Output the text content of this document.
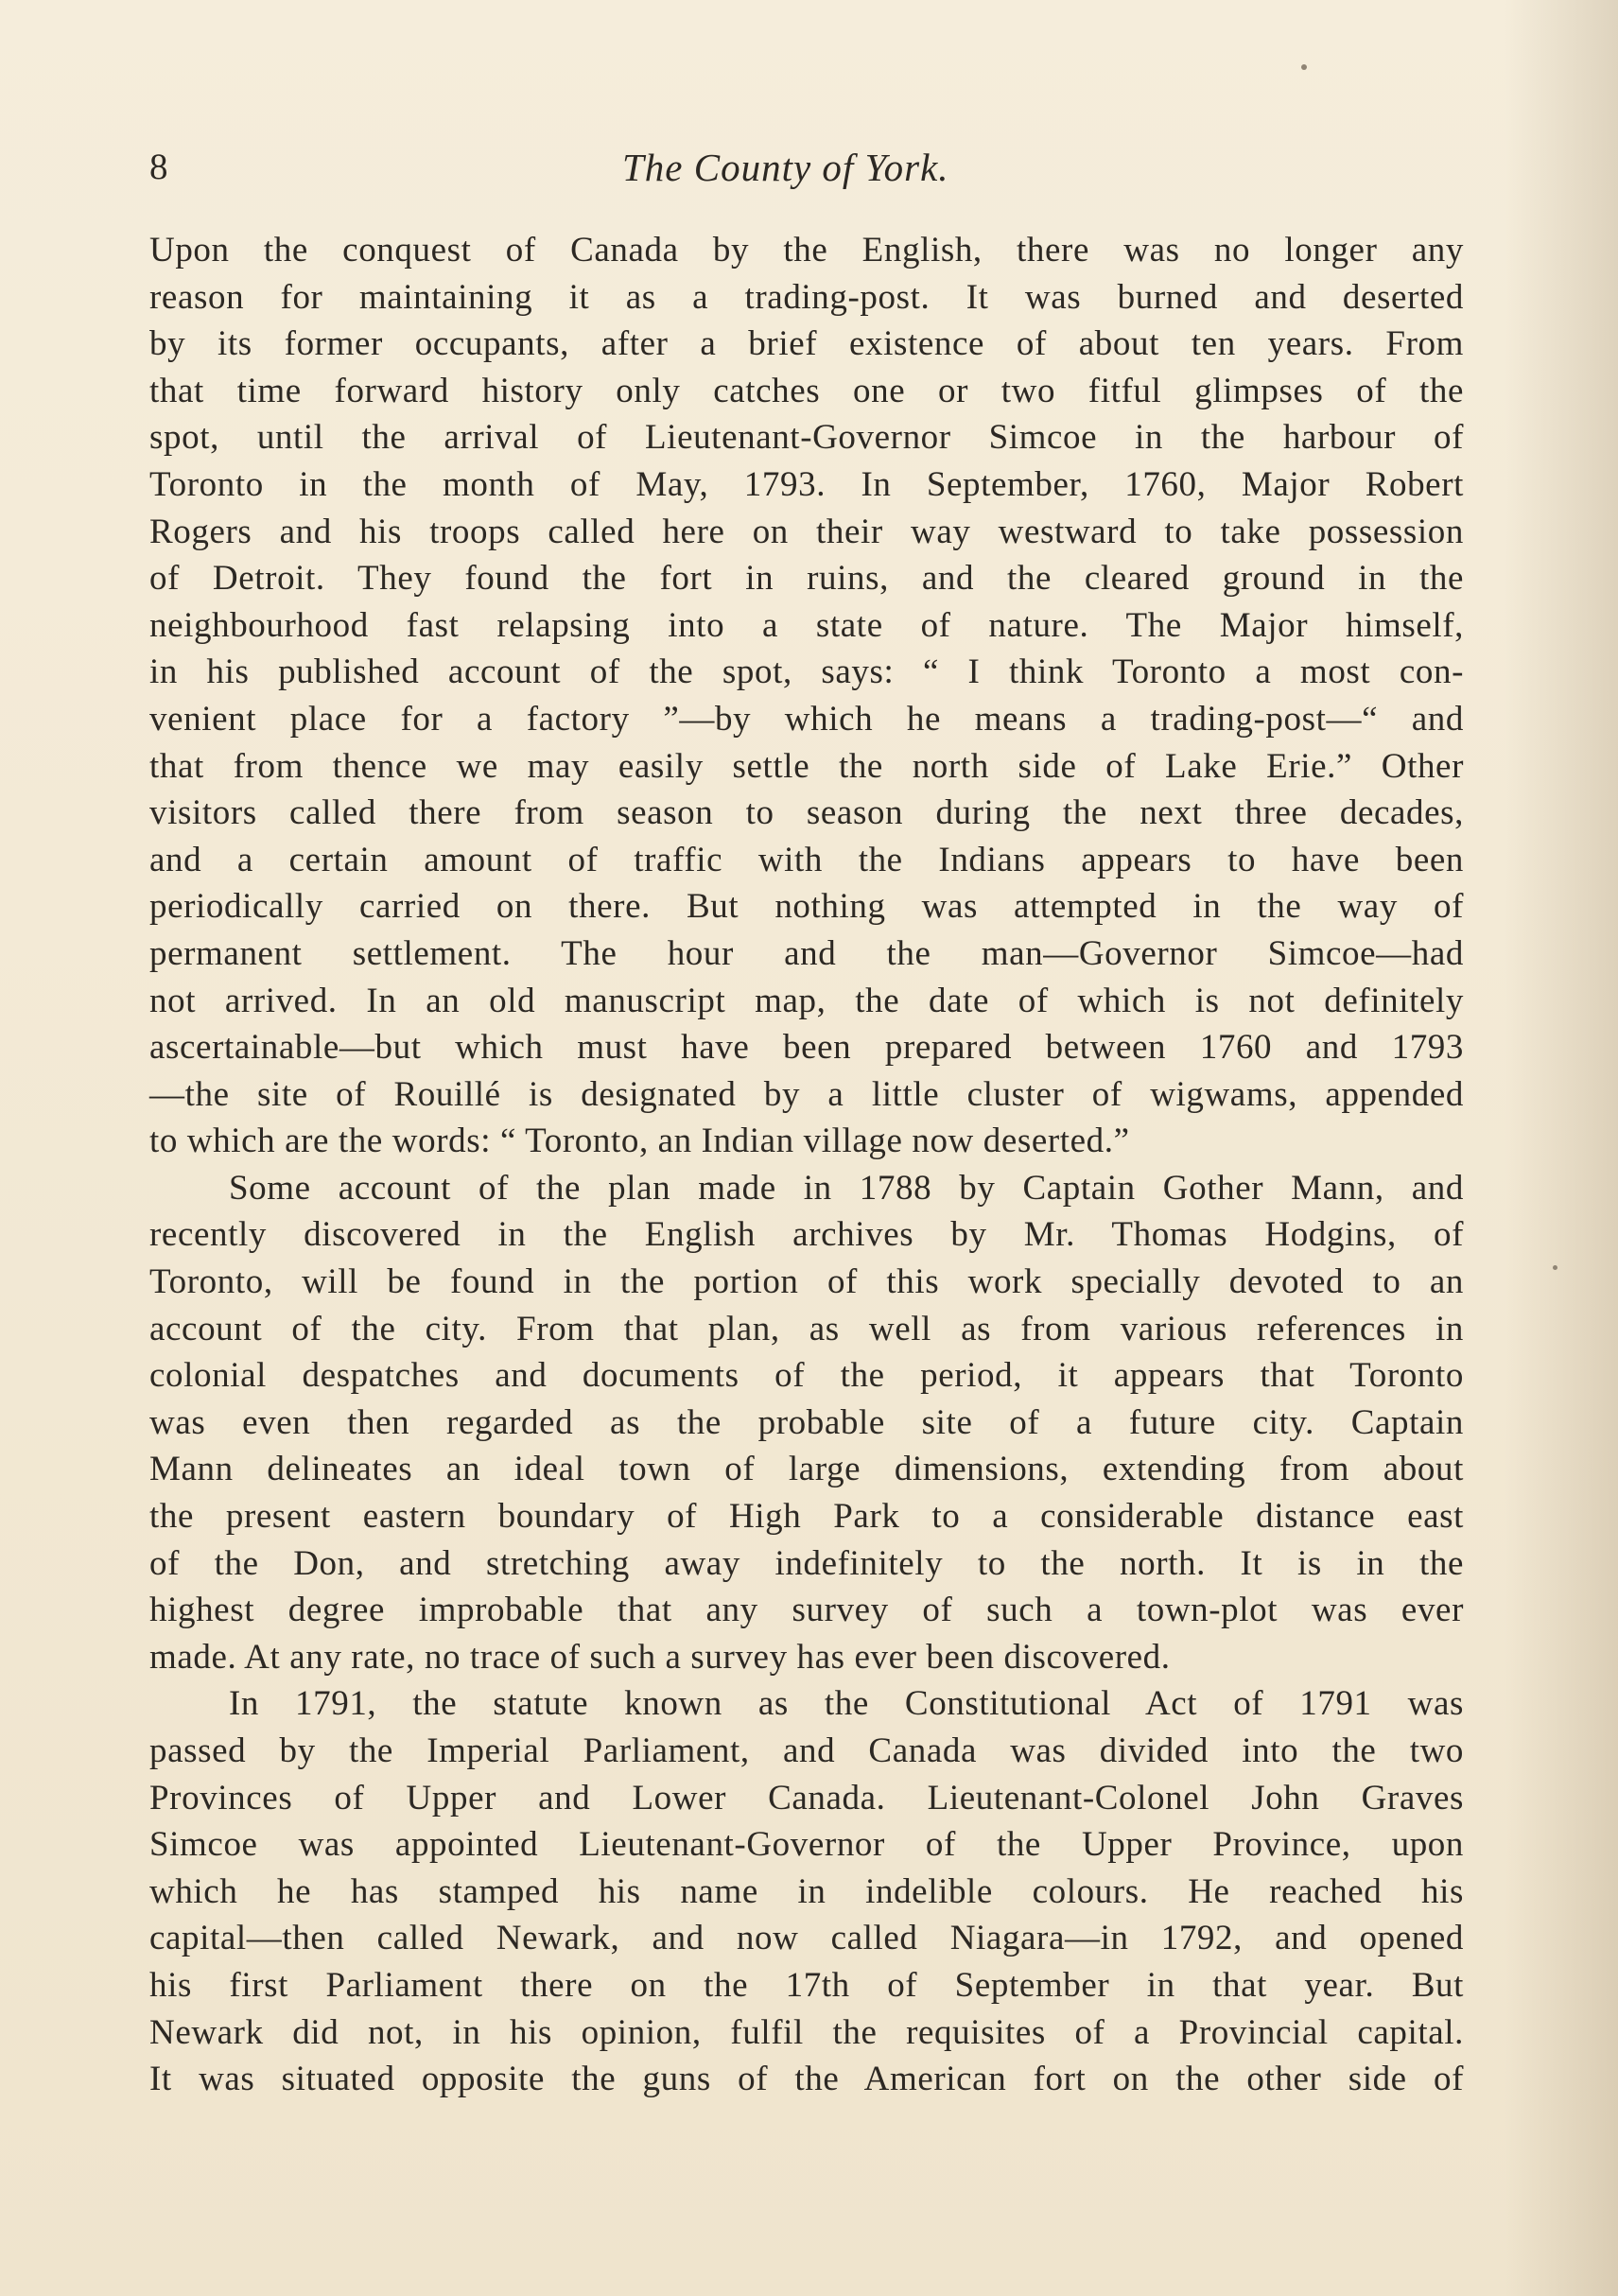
8	The County of York.
Upon the conquest of Canada by the English, there was no longer any
reason for maintaining it as a trading-post. It was burned and deserted
by its former occupants, after a brief existence of about ten years. From
that time forward history only catches one or two fitful glimpses of the
spot, until the arrival of Lieutenant-Governor Simcoe in the harbour of
Toronto in the month of May, 1793. In September, 1760, Major Robert
Rogers and his troops called here on their way westward to take possession
of Detroit. They found the fort in ruins, and the cleared ground in the
neighbourhood fast relapsing into a state of nature. The Major himself,
in his published account of the spot, says: “ I think Toronto a most con-
venient place for a factory ”—by which he means a trading-post—“ and
that from thence we may easily settle the north side of Lake Erie.” Other
visitors called there from season to season during the next three decades,
and a certain amount of traffic with the Indians appears to have been
periodically carried on there. But nothing was attempted in the way of
permanent settlement. The hour and the man—Governor Simcoe—had
not arrived. In an old manuscript map, the date of which is not definitely
ascertainable—but which must have been prepared between 1760 and 1793
—the site of Rouillé is designated by a little cluster of wigwams, appended
to which are the words: “ Toronto, an Indian village now deserted.”
Some account of the plan made in 1788 by Captain Gother Mann, and
recently discovered in the English archives by Mr. Thomas Hodgins, of
Toronto, will be found in the portion of this work specially devoted to an
account of the city. From that plan, as well as from various references in
colonial despatches and documents of the period, it appears that Toronto
was even then regarded as the probable site of a future city. Captain
Mann delineates an ideal town of large dimensions, extending from about
the present eastern boundary of High Park to a considerable distance east
of the Don, and stretching away indefinitely to the north. It is in the
highest degree improbable that any survey of such a town-plot was ever
made. At any rate, no trace of such a survey has ever been discovered.
In 1791, the statute known as the Constitutional Act of 1791 was
passed by the Imperial Parliament, and Canada was divided into the two
Provinces of Upper and Lower Canada. Lieutenant-Colonel John Graves
Simcoe was appointed Lieutenant-Governor of the Upper Province, upon
which he has stamped his name in indelible colours. He reached his
capital—then called Newark, and now called Niagara—in 1792, and opened
his first Parliament there on the 17th of September in that year. But
Newark did not, in his opinion, fulfil the requisites of a Provincial capital.
It was situated opposite the guns of the American fort on the other side of
